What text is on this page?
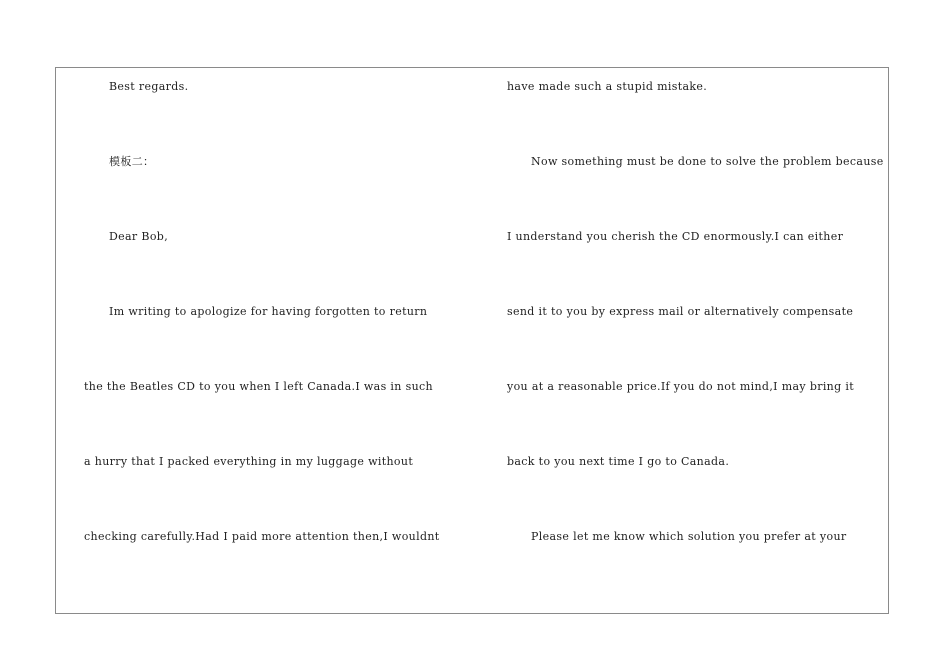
Best regards.

模板二：

Dear Bob,

Im writing to apologize for having forgotten to return

the the Beatles CD to you when I left Canada.I was in such

a hurry that I packed everything in my luggage without

checking carefully.Had I paid more attention then,I wouldnt

have made such a stupid mistake.

Now something must be done to solve the problem because

I understand you cherish the CD enormously.I can either

send it to you by express mail or alternatively compensate

you at a reasonable price.If you do not mind,I may bring it

back to you next time I go to Canada.

Please let me know which solution you prefer at your
